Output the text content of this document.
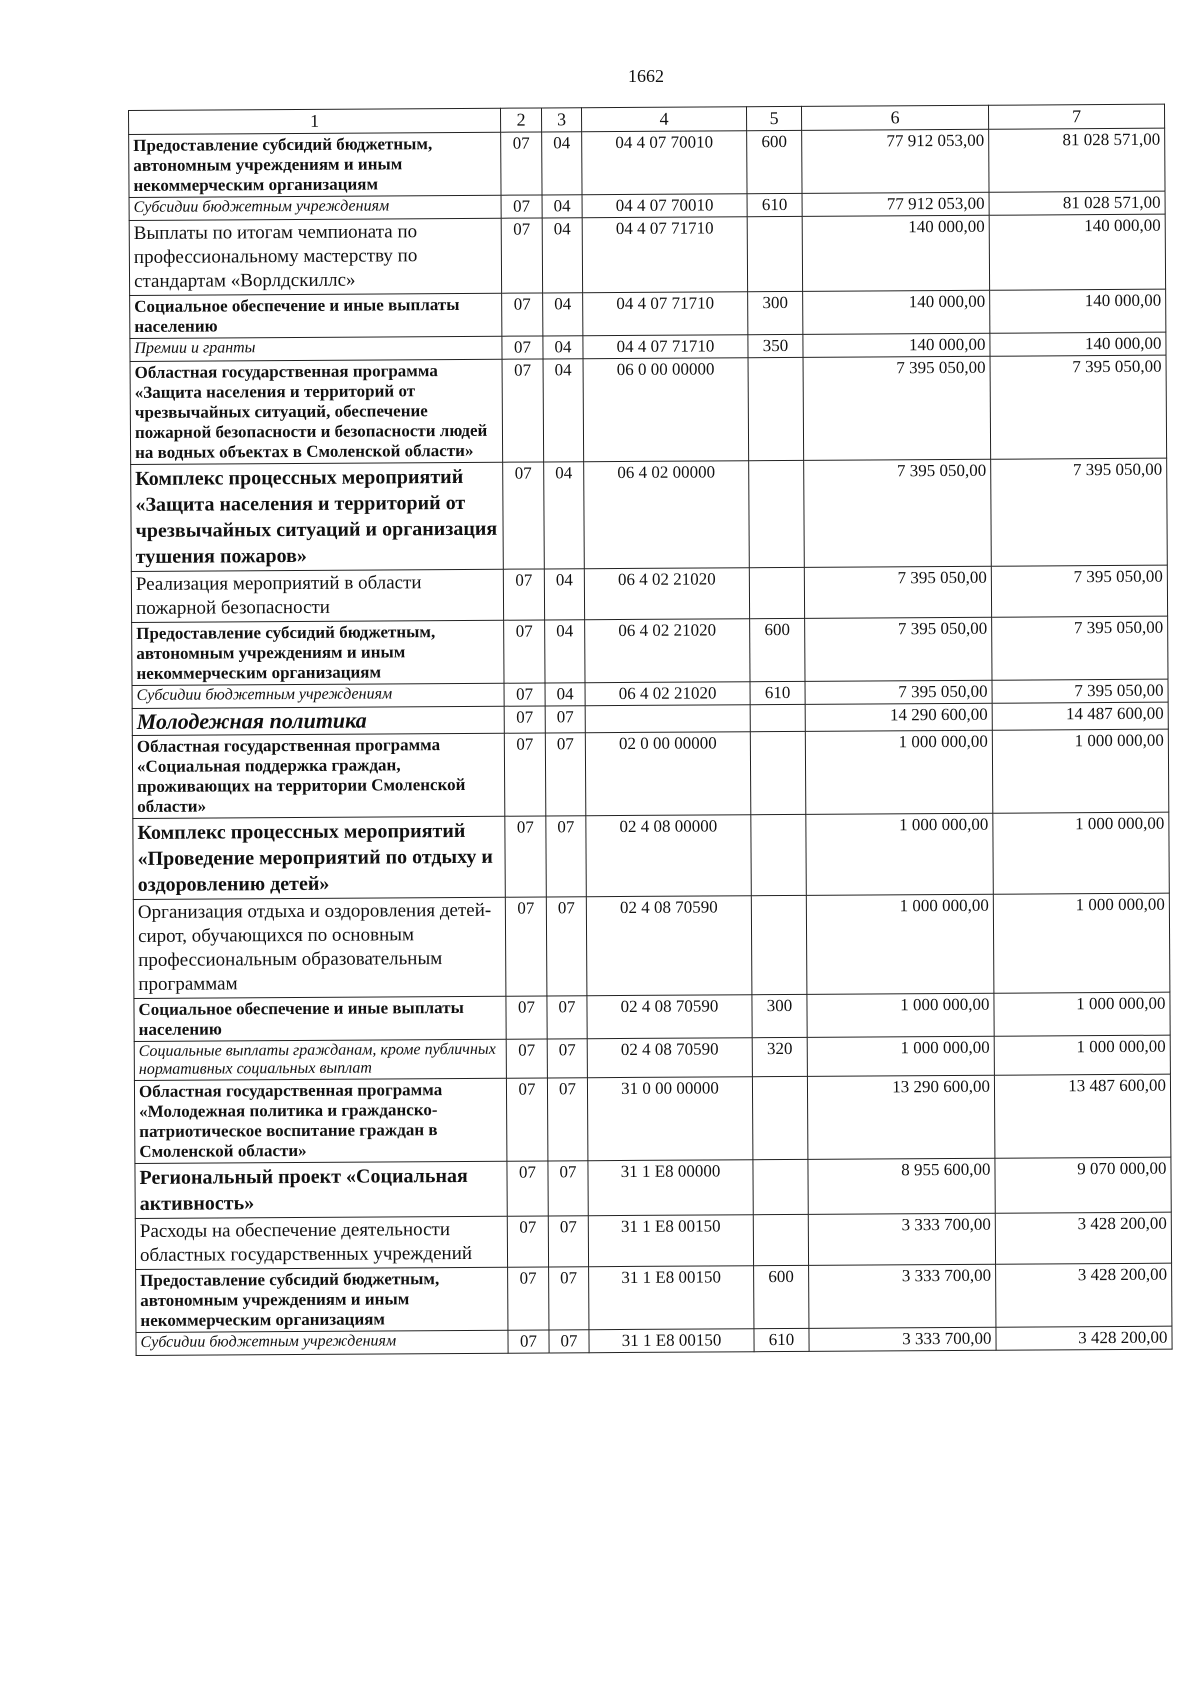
1662
1	2	3	4	5	6	7
Предоставление субсидий бюджетным, автономным учреждениям и иным некоммерческим организациям	07	04	04 4 07 70010	600	77 912 053,00	81 028 571,00
Субсидии бюджетным учреждениям	07	04	04 4 07 70010	610	77 912 053,00	81 028 571,00
Выплаты по итогам чемпионата по профессиональному мастерству по стандартам «Ворлдскиллс»	07	04	04 4 07 71710		140 000,00	140 000,00
Социальное обеспечение и иные выплаты населению	07	04	04 4 07 71710	300	140 000,00	140 000,00
Премии и гранты	07	04	04 4 07 71710	350	140 000,00	140 000,00
Областная государственная программа «Защита населения и территорий от чрезвычайных ситуаций, обеспечение пожарной безопасности и безопасности людей на водных объектах в Смоленской области»	07	04	06 0 00 00000		7 395 050,00	7 395 050,00
Комплекс процессных мероприятий «Защита населения и территорий от чрезвычайных ситуаций и организация тушения пожаров»	07	04	06 4 02 00000		7 395 050,00	7 395 050,00
Реализация мероприятий в области пожарной безопасности	07	04	06 4 02 21020		7 395 050,00	7 395 050,00
Предоставление субсидий бюджетным, автономным учреждениям и иным некоммерческим организациям	07	04	06 4 02 21020	600	7 395 050,00	7 395 050,00
Субсидии бюджетным учреждениям	07	04	06 4 02 21020	610	7 395 050,00	7 395 050,00
Молодежная политика	07	07			14 290 600,00	14 487 600,00
Областная государственная программа «Социальная поддержка граждан, проживающих на территории Смоленской области»	07	07	02 0 00 00000		1 000 000,00	1 000 000,00
Комплекс процессных мероприятий «Проведение мероприятий по отдыху и оздоровлению детей»	07	07	02 4 08 00000		1 000 000,00	1 000 000,00
Организация отдыха и оздоровления детей-сирот, обучающихся по основным профессиональным образовательным программам	07	07	02 4 08 70590		1 000 000,00	1 000 000,00
Социальное обеспечение и иные выплаты населению	07	07	02 4 08 70590	300	1 000 000,00	1 000 000,00
Социальные выплаты гражданам, кроме публичных нормативных социальных выплат	07	07	02 4 08 70590	320	1 000 000,00	1 000 000,00
Областная государственная программа «Молодежная политика и гражданско-патриотическое воспитание граждан в Смоленской области»	07	07	31 0 00 00000		13 290 600,00	13 487 600,00
Региональный проект «Социальная активность»	07	07	31 1 E8 00000		8 955 600,00	9 070 000,00
Расходы на обеспечение деятельности областных государственных учреждений	07	07	31 1 E8 00150		3 333 700,00	3 428 200,00
Предоставление субсидий бюджетным, автономным учреждениям и иным некоммерческим организациям	07	07	31 1 E8 00150	600	3 333 700,00	3 428 200,00
Субсидии бюджетным учреждениям	07	07	31 1 E8 00150	610	3 333 700,00	3 428 200,00
